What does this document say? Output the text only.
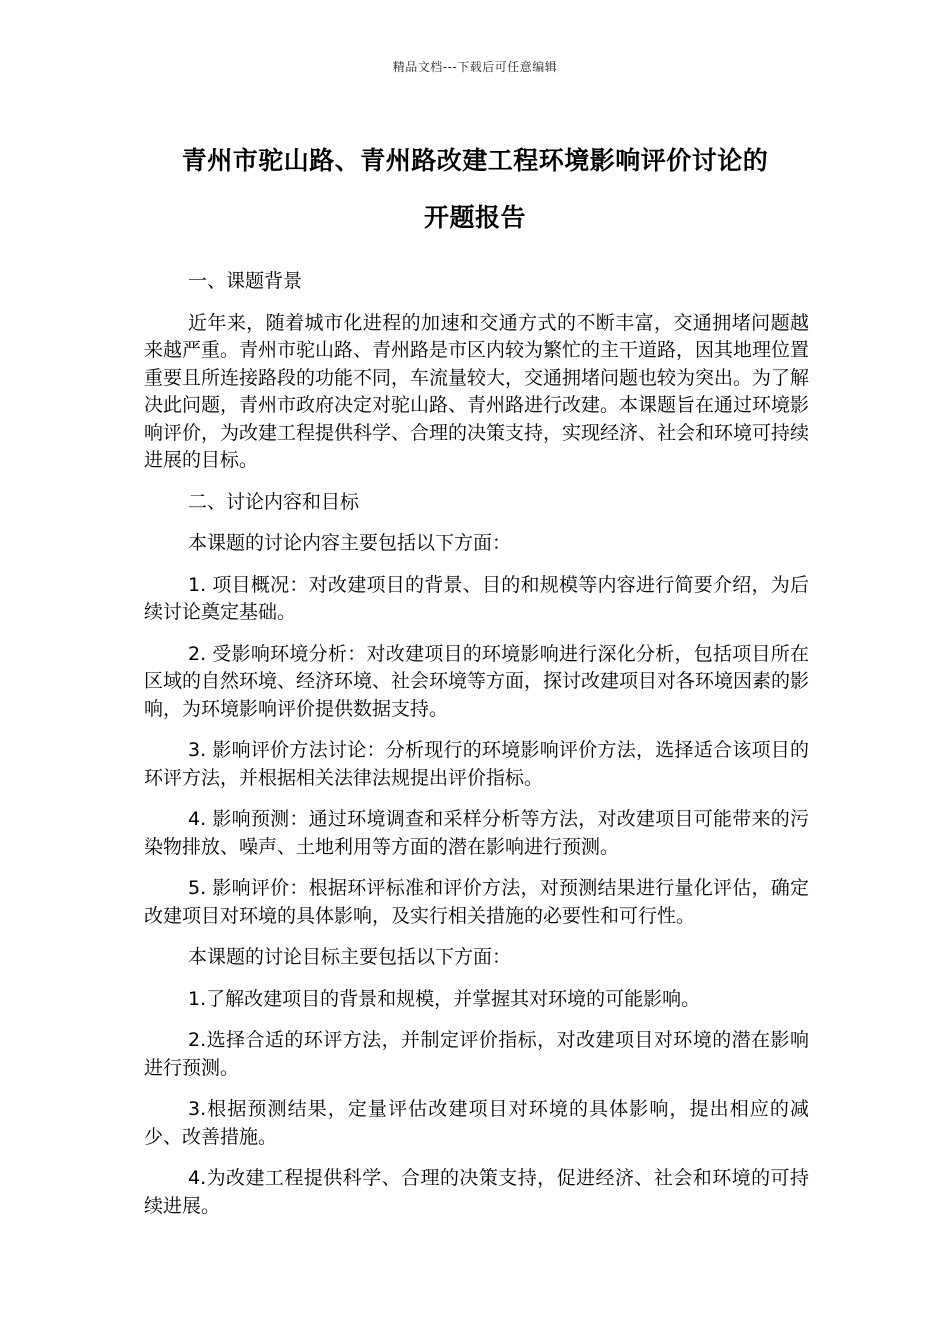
精品文档---下载后可任意编辑
青州市驼山路、青州路改建工程环境影响评价讨论的
开题报告

一、课题背景

近年来，随着城市化进程的加速和交通方式的不断丰富，交通拥堵问题越来越严重。青州市驼山路、青州路是市区内较为繁忙的主干道路，因其地理位置重要且所连接路段的功能不同，车流量较大，交通拥堵问题也较为突出。为了解决此问题，青州市政府决定对驼山路、青州路进行改建。本课题旨在通过环境影响评价，为改建工程提供科学、合理的决策支持，实现经济、社会和环境可持续进展的目标。

二、讨论内容和目标

本课题的讨论内容主要包括以下方面：

1. 项目概况：对改建项目的背景、目的和规模等内容进行简要介绍，为后续讨论奠定基础。

2. 受影响环境分析：对改建项目的环境影响进行深化分析，包括项目所在区域的自然环境、经济环境、社会环境等方面，探讨改建项目对各环境因素的影响，为环境影响评价提供数据支持。

3. 影响评价方法讨论：分析现行的环境影响评价方法，选择适合该项目的环评方法，并根据相关法律法规提出评价指标。

4. 影响预测：通过环境调查和采样分析等方法，对改建项目可能带来的污染物排放、噪声、土地利用等方面的潜在影响进行预测。

5. 影响评价：根据环评标准和评价方法，对预测结果进行量化评估，确定改建项目对环境的具体影响，及实行相关措施的必要性和可行性。

本课题的讨论目标主要包括以下方面：

1.了解改建项目的背景和规模，并掌握其对环境的可能影响。

2.选择合适的环评方法，并制定评价指标，对改建项目对环境的潜在影响进行预测。

3.根据预测结果，定量评估改建项目对环境的具体影响，提出相应的减少、改善措施。

4.为改建工程提供科学、合理的决策支持，促进经济、社会和环境的可持续进展。
